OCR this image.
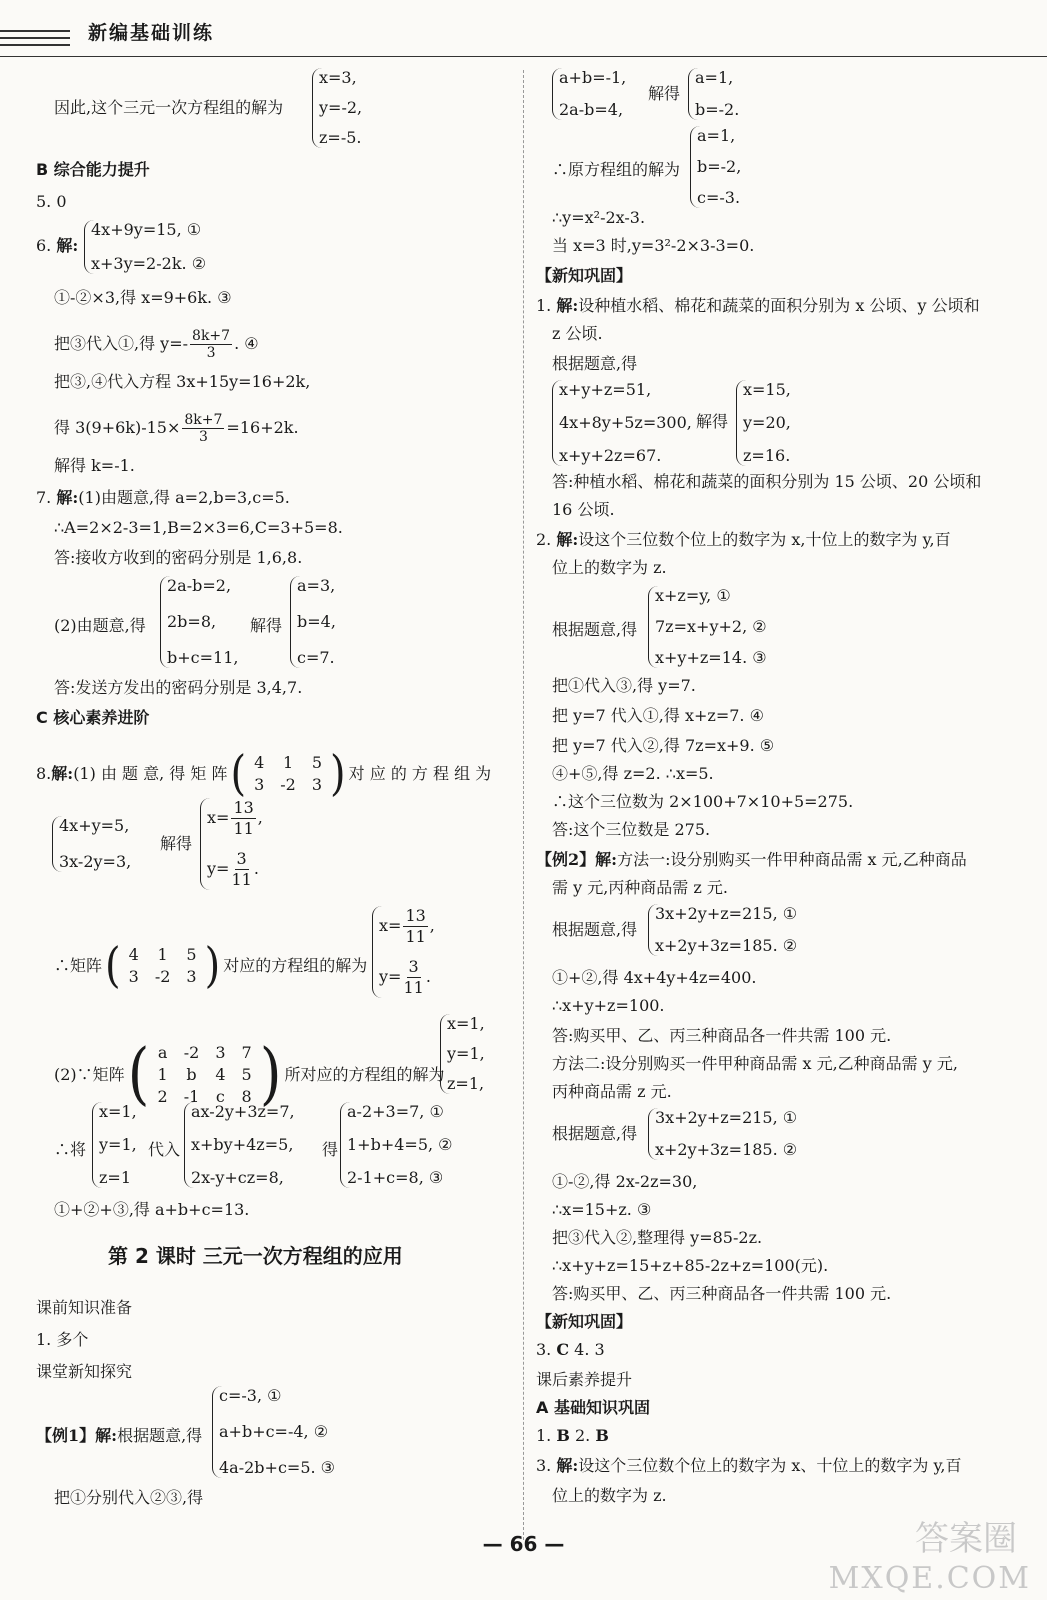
新编基础训练
因此,这个三元一次方程组的解为
x=3,
y=-2,
z=-5.
B 综合能力提升
5. 0
6. 解:
4x+9y=15, ①
x+3y=2-2k. ②
①-②×3,得 x=9+6k. ③
把③代入①,得 $y=- \frac{8k+7}{3}$ . ④
把③,④代入方程 3x+15y=16+2k,
得 $3(9+6k)-15\times \frac{8k+7}{3} =16+2k$.
解得 k=-1.
7. 解:(1)由题意,得 a=2,b=3,c=5.
∴A=2×2-3=1,B=2×3=6,C=3+5=8.
答:接收方收到的密码分别是 1,6,8.
(2)由题意,得
2a-b=2,
2b=8,
b+c=11,
解得
a=3,
b=4,
c=7.
答:发送方发出的密码分别是 3,4,7.
C 核心素养进阶
8. 解: (1) 由 题 意, 得 矩 阵 ( 4	1	5
3	-2	3 ) 对 应 的 方 程 组 为
4x+y=5,
3x-2y=3,
解得
$x= \frac{13}{11}$ ,
$y= \frac{3}{11}$ .
∴矩阵 ( 4	1	5
3	-2	3 ) 对应的方程组的解为
$x= \frac{13}{11}$ ,
$y= \frac{3}{11}$ .
(2)∵矩阵 ( a	-2	3	7
1	b	4	5
2	-1	c	8 ) 所对应的方程组的解为
x=1,
y=1,
z=1,
∴将
x=1,
y=1,
z=1
代入
ax-2y+3z=7,
x+by+4z=5,
2x-y+cz=8,
得
a-2+3=7, ①
1+b+4=5, ②
2-1+c=8, ③
①+②+③,得 a+b+c=13.
第 2 课时 三元一次方程组的应用
课前知识准备
1. 多个
课堂新知探究
【例1】解:根据题意,得
c=-3, ①
a+b+c=-4, ②
4a-2b+c=5. ③
把①分别代入②③,得
a+b=-1,
2a-b=4,
解得
a=1,
b=-2.
∴原方程组的解为
a=1,
b=-2,
c=-3.
∴y=x²-2x-3.
当 x=3 时,y=3²-2×3-3=0.
【新知巩固】
1. 解:设种植水稻、棉花和蔬菜的面积分别为 x 公顷、y 公顷和
z 公顷.
根据题意,得
x+y+z=51,
4x+8y+5z=300,
x+y+2z=67.
解得
x=15,
y=20,
z=16.
答:种植水稻、棉花和蔬菜的面积分别为 15 公顷、20 公顷和
16 公顷.
2. 解:设这个三位数个位上的数字为 x,十位上的数字为 y,百
位上的数字为 z.
根据题意,得
x+z=y, ①
7z=x+y+2, ②
x+y+z=14. ③
把①代入③,得 y=7.
把 y=7 代入①,得 x+z=7. ④
把 y=7 代入②,得 7z=x+9. ⑤
④+⑤,得 z=2. ∴x=5.
∴这个三位数为 2×100+7×10+5=275.
答:这个三位数是 275.
【例2】解:方法一:设分别购买一件甲种商品需 x 元,乙种商品
需 y 元,丙种商品需 z 元.
根据题意,得
3x+2y+z=215, ①
x+2y+3z=185. ②
①+②,得 4x+4y+4z=400.
∴x+y+z=100.
答:购买甲、乙、丙三种商品各一件共需 100 元.
方法二:设分别购买一件甲种商品需 x 元,乙种商品需 y 元,
丙种商品需 z 元.
根据题意,得
3x+2y+z=215, ①
x+2y+3z=185. ②
①-②,得 2x-2z=30,
∴x=15+z. ③
把③代入②,整理得 y=85-2z.
∴x+y+z=15+z+85-2z+z=100(元).
答:购买甲、乙、丙三种商品各一件共需 100 元.
【新知巩固】
3. C 4. 3
课后素养提升
A 基础知识巩固
1. B 2. B
3. 解:设这个三位数个位上的数字为 x、十位上的数字为 y,百
位上的数字为 z.
— 66 —	答案圈
MXQE.COM
